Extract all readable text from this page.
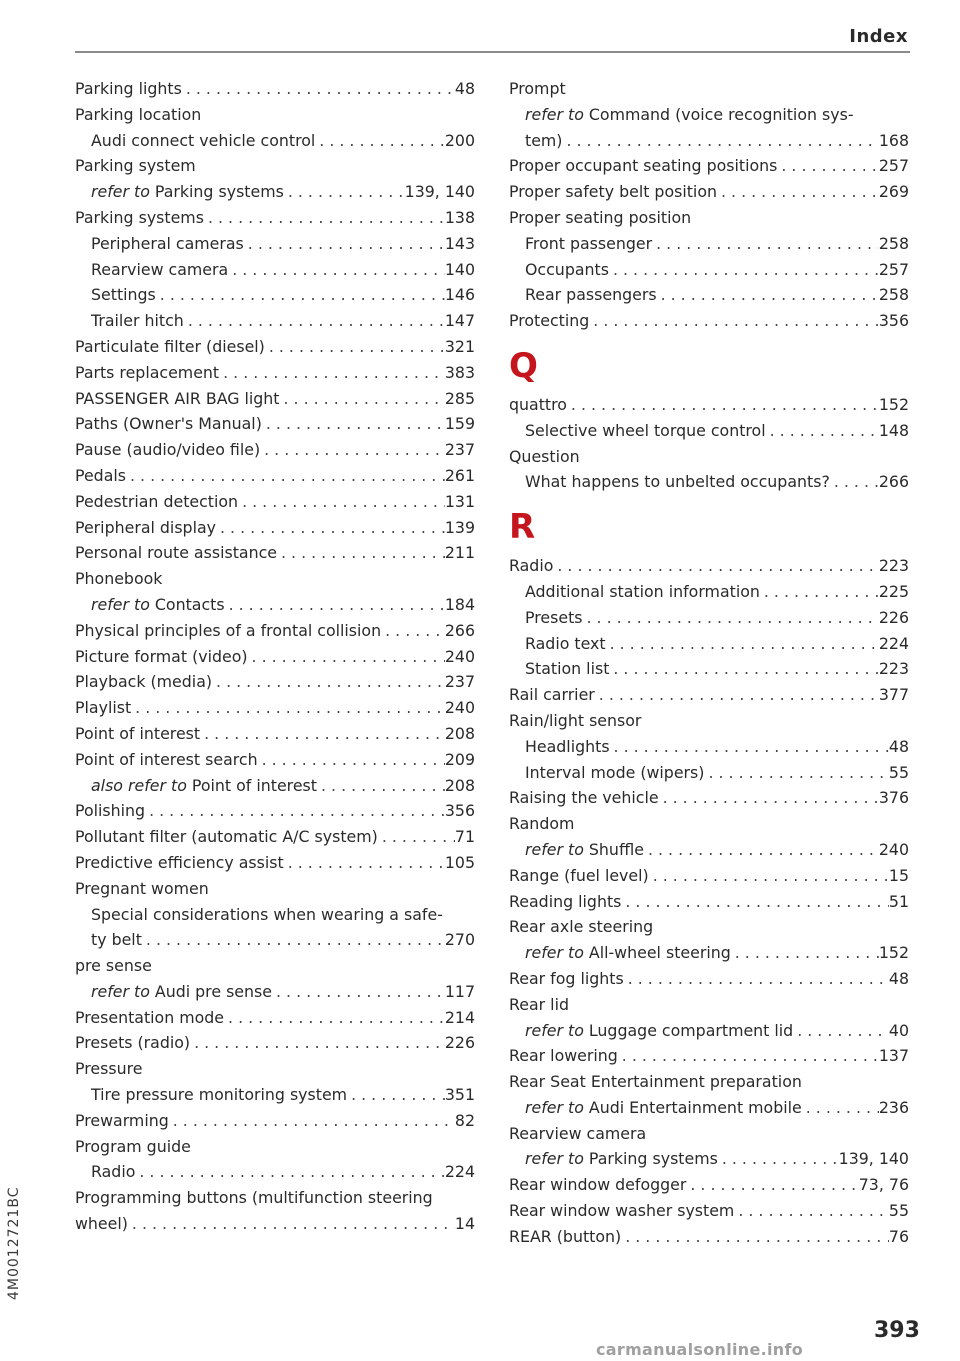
Index
Parking lights . . .	48
Parking location
Audi connect vehicle control . . .	200
Parking system
refer to Parking systems . . .	139, 140
Parking systems . . .	138
Peripheral cameras . . .	143
Rearview camera . . .	140
Settings . . .	146
Trailer hitch . . .	147
Particulate filter (diesel) . . .	321
Parts replacement . . .	383
PASSENGER AIR BAG light . . .	285
Paths (Owner's Manual) . . .	159
Pause (audio/video file) . . .	237
Pedals . . .	261
Pedestrian detection . . .	131
Peripheral display . . .	139
Personal route assistance . . .	211
Phonebook
refer to Contacts . . .	184
Physical principles of a frontal collision . . .	266
Picture format (video) . . .	240
Playback (media) . . .	237
Playlist . . .	240
Point of interest . . .	208
Point of interest search . . .	209
also refer to Point of interest . . .	208
Polishing . . .	356
Pollutant filter (automatic A/C system) . . .	71
Predictive efficiency assist . . .	105
Pregnant women
Special considerations when wearing a safe-
ty belt . . .	270
pre sense
refer to Audi pre sense . . .	117
Presentation mode . . .	214
Presets (radio) . . .	226
Pressure
Tire pressure monitoring system . . .	351
Prewarming . . .	82
Program guide
Radio . . .	224
Programming buttons (multifunction steering
wheel) . . .	14
Prompt
refer to Command (voice recognition sys-
tem) . . .	168
Proper occupant seating positions . . .	257
Proper safety belt position . . .	269
Proper seating position
Front passenger . . .	258
Occupants . . .	257
Rear passengers . . .	258
Protecting . . .	356
Q
quattro . . .	152
Selective wheel torque control . . .	148
Question
What happens to unbelted occupants? . . .	266
R
Radio . . .	223
Additional station information . . .	225
Presets . . .	226
Radio text . . .	224
Station list . . .	223
Rail carrier . . .	377
Rain/light sensor
Headlights . . .	48
Interval mode (wipers) . . .	55
Raising the vehicle . . .	376
Random
refer to Shuffle . . .	240
Range (fuel level) . . .	15
Reading lights . . .	51
Rear axle steering
refer to All-wheel steering . . .	152
Rear fog lights . . .	48
Rear lid
refer to Luggage compartment lid . . .	40
Rear lowering . . .	137
Rear Seat Entertainment preparation
refer to Audi Entertainment mobile . . .	236
Rearview camera
refer to Parking systems . . .	139, 140
Rear window defogger . . .	73, 76
Rear window washer system . . .	55
REAR (button) . . .	76
4M0012721BC
393
carmanualsonline.info
